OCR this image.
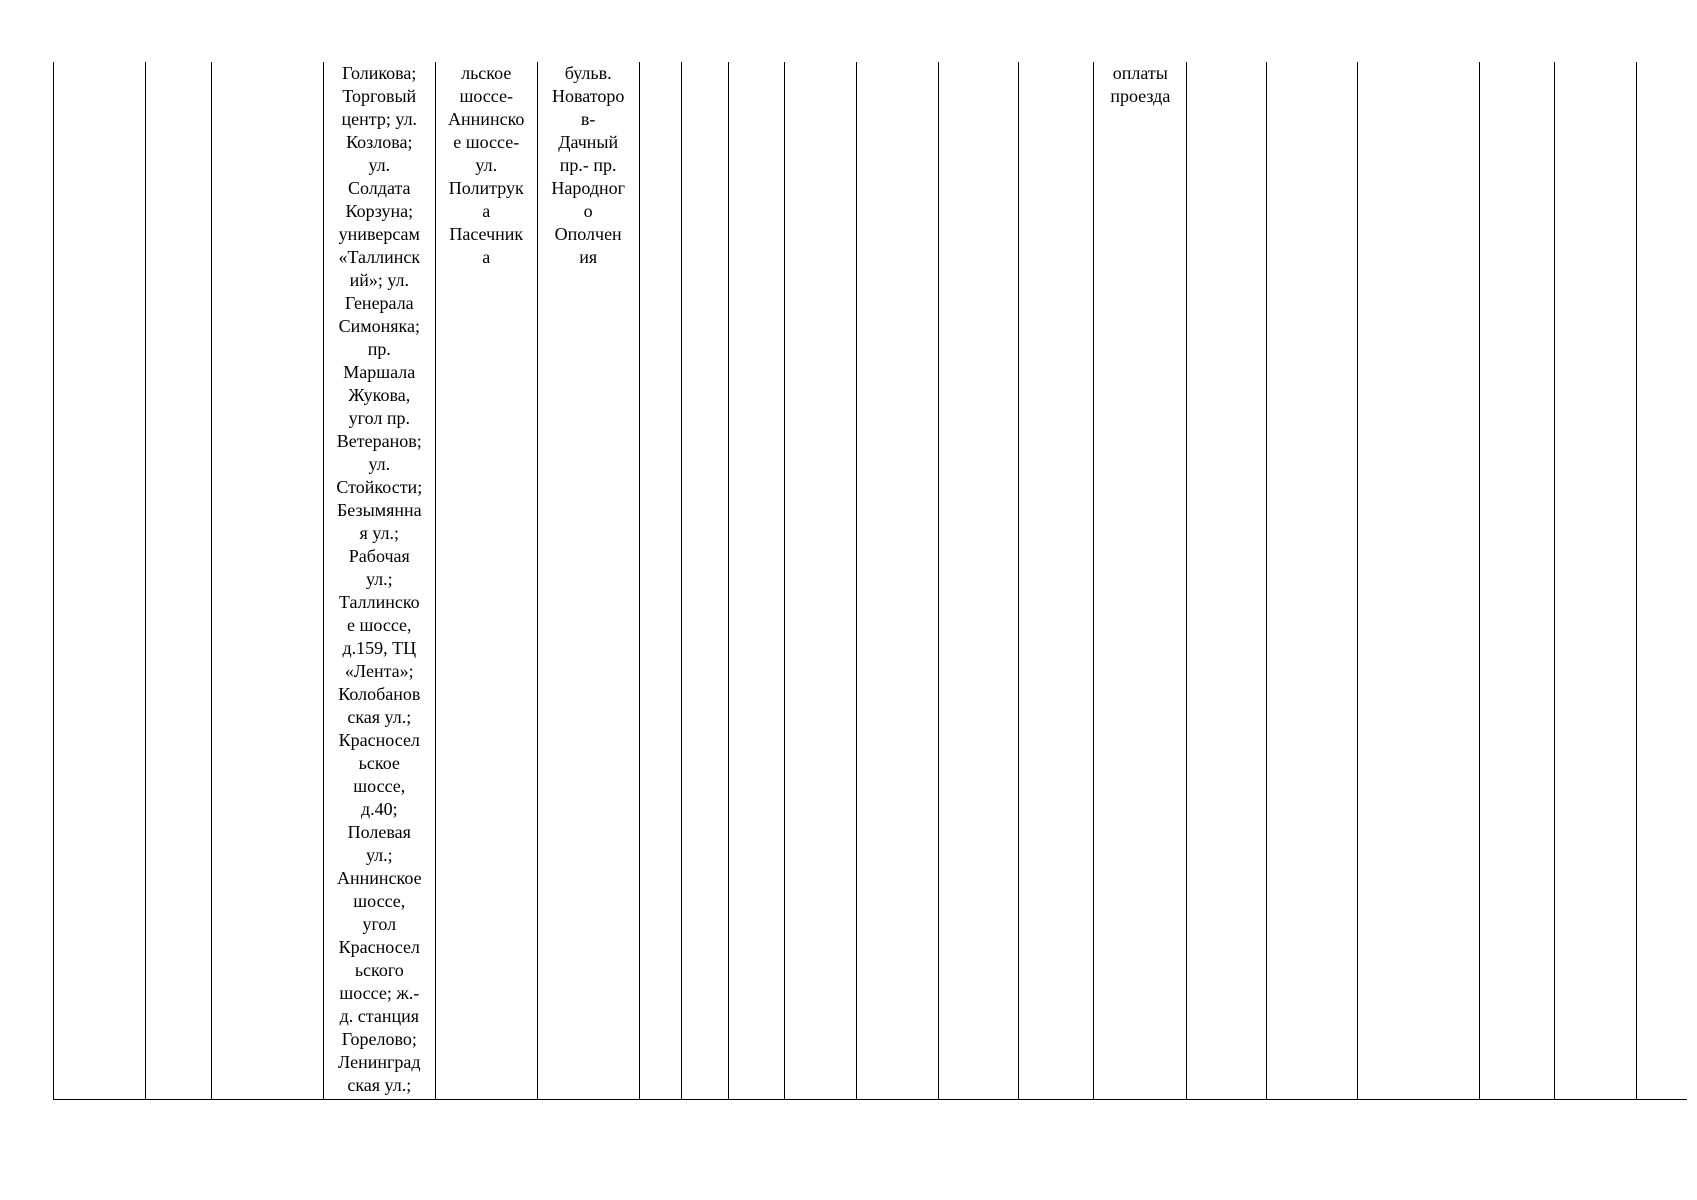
Голикова;
Торговый
центр; ул.
Козлова;
ул.
Солдата
Корзуна;
универсам
«Таллинск
ий»; ул.
Генерала
Симоняка;
пр.
Маршала
Жукова,
угол пр.
Ветеранов;
ул.
Стойкости;
Безымянна
я ул.;
Рабочая
ул.;
Таллинско
е шоссе,
д.159, ТЦ
«Лента»;
Колобанов
ская ул.;
Красносел
ьское
шоссе,
д.40;
Полевая
ул.;
Аннинское
шоссе,
угол
Красносел
ьского
шоссе; ж.-
д. станция
Горелово;
Ленинград
ская ул.;
льское
шоссе-
Аннинско
е шоссе-
ул.
Политрук
а
Пасечник
а
бульв.
Новаторо
в-
Дачный
пр.- пр.
Народног
о
Ополчен
ия
оплаты
проезда
